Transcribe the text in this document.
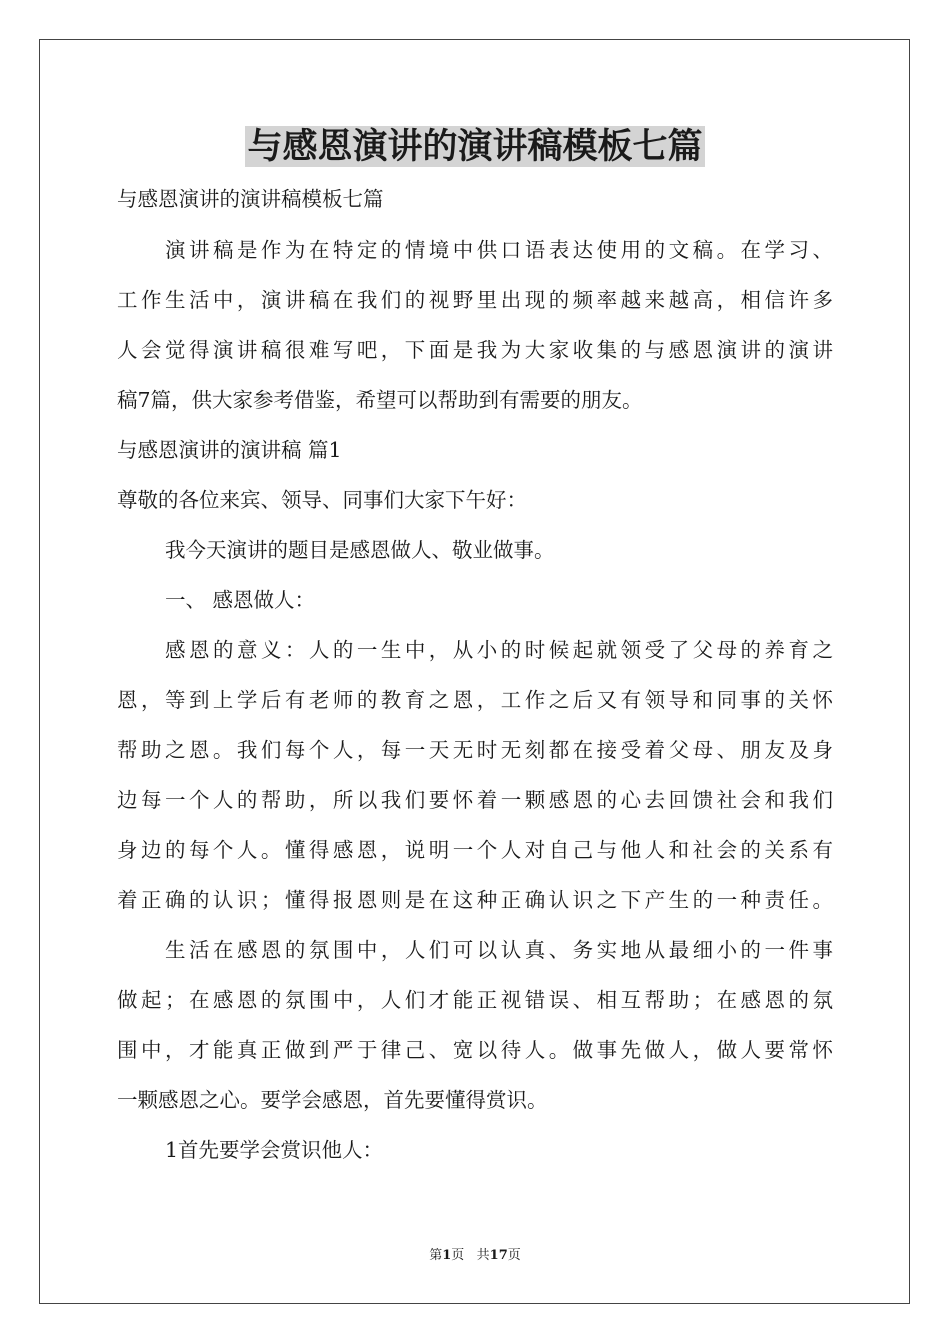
与感恩演讲的演讲稿模板七篇
与感恩演讲的演讲稿模板七篇
演讲稿是作为在特定的情境中供口语表达使用的文稿。在学习、
工作生活中，演讲稿在我们的视野里出现的频率越来越高，相信许多
人会觉得演讲稿很难写吧，下面是我为大家收集的与感恩演讲的演讲
稿7篇，供大家参考借鉴，希望可以帮助到有需要的朋友。
与感恩演讲的演讲稿 篇1
尊敬的各位来宾、领导、同事们大家下午好：
我今天演讲的题目是感恩做人、敬业做事。
一、 感恩做人：
感恩的意义：人的一生中，从小的时候起就领受了父母的养育之
恩，等到上学后有老师的教育之恩，工作之后又有领导和同事的关怀
帮助之恩。我们每个人，每一天无时无刻都在接受着父母、朋友及身
边每一个人的帮助，所以我们要怀着一颗感恩的心去回馈社会和我们
身边的每个人。懂得感恩，说明一个人对自己与他人和社会的关系有
着正确的认识；懂得报恩则是在这种正确认识之下产生的一种责任。
生活在感恩的氛围中，人们可以认真、务实地从最细小的一件事
做起；在感恩的氛围中，人们才能正视错误、相互帮助；在感恩的氛
围中，才能真正做到严于律己、宽以待人。做事先做人，做人要常怀
一颗感恩之心。要学会感恩，首先要懂得赏识。
1首先要学会赏识他人：
第1页   共17页
